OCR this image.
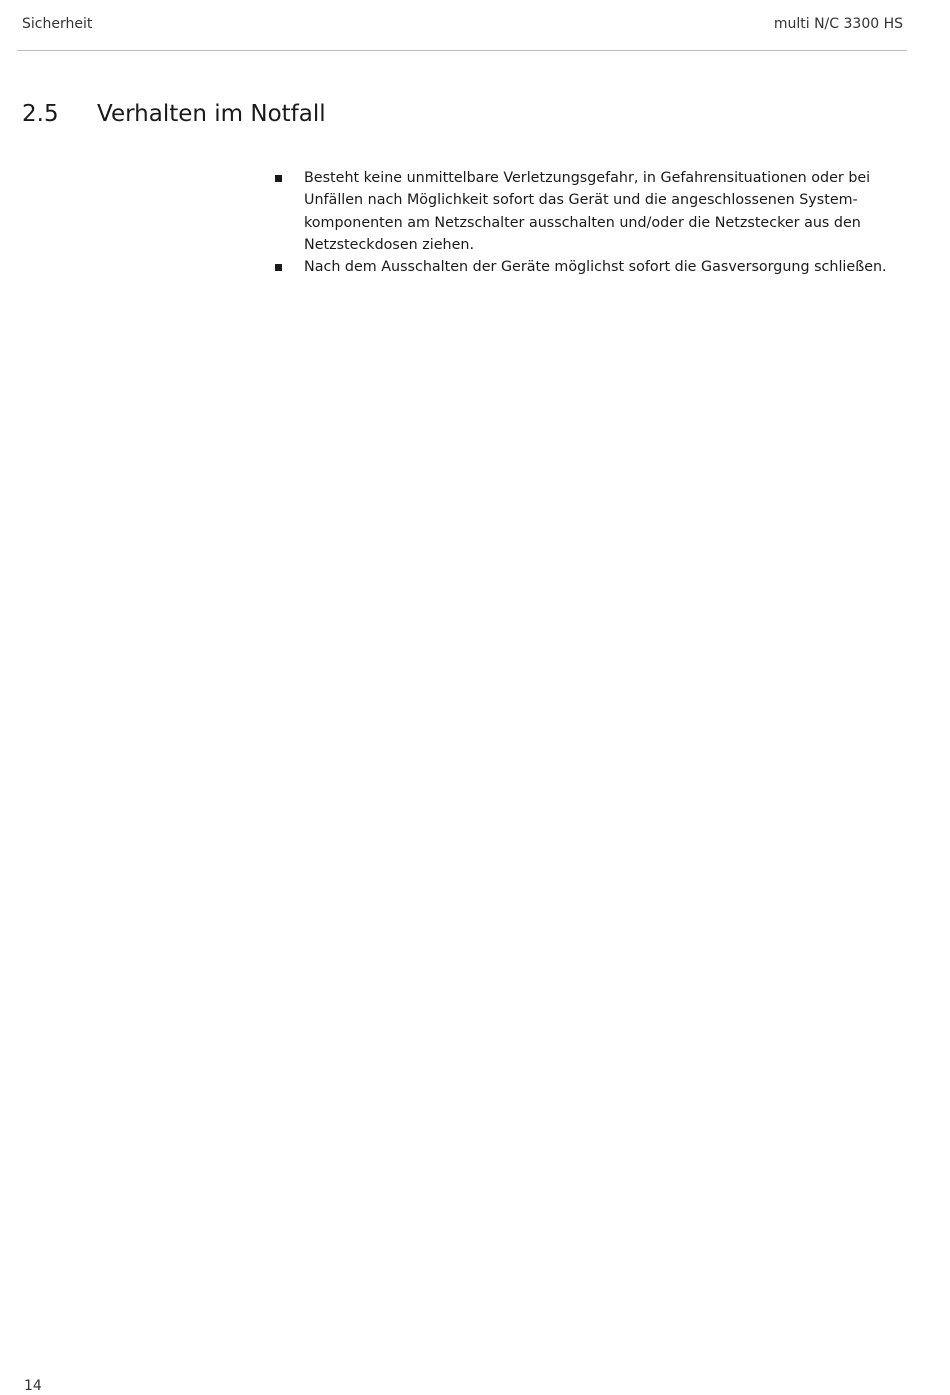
Sicherheit	multi N/C 3300 HS
2.5 Verhalten im Notfall
Besteht keine unmittelbare Verletzungsgefahr, in Gefahrensituationen oder bei Unfällen nach Möglichkeit sofort das Gerät und die angeschlossenen Systemkomponenten am Netzschalter ausschalten und/oder die Netzstecker aus den Netzsteckdosen ziehen.
Nach dem Ausschalten der Geräte möglichst sofort die Gasversorgung schließen.
14
